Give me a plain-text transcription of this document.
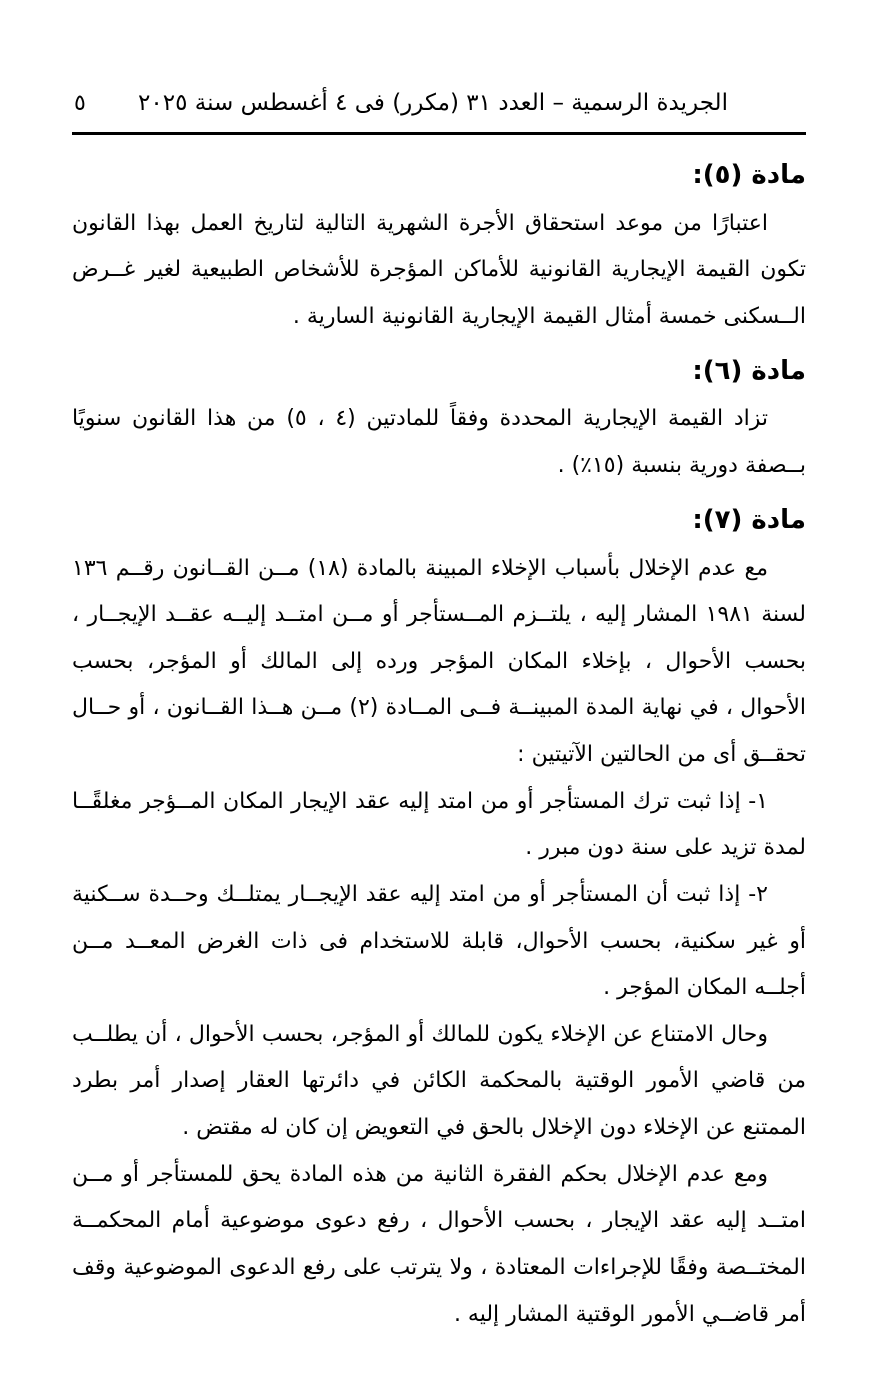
الجريدة الرسمية – العدد ٣١ (مكرر) فى ٤ أغسطس سنة ٢٠٢٥
٥
مادة (٥):

اعتبارًا من موعد استحقاق الأجرة الشهرية التالية لتاريخ العمل بهذا القانون تكون القيمة الإيجارية القانونية للأماكن المؤجرة للأشخاص الطبيعية لغير غــرض الــسكنى خمسة أمثال القيمة الإيجارية القانونية السارية .

مادة (٦):

تزاد القيمة الإيجارية المحددة وفقاً للمادتين (٤ ، ٥) من هذا القانون سنويًا بــصفة دورية بنسبة (١٥٪) .

مادة (٧):

مع عدم الإخلال بأسباب الإخلاء المبينة بالمادة (١٨) مــن القــانون رقــم ١٣٦ لسنة ١٩٨١ المشار إليه ، يلتــزم المــستأجر أو مــن امتــد إليــه عقــد الإيجــار ، بحسب الأحوال ، بإخلاء المكان المؤجر ورده إلى المالك أو المؤجر، بحسب الأحوال ، في نهاية المدة المبينــة فــى المــادة (٢) مــن هــذا القــانون ، أو حــال تحقــق أى من الحالتين الآتيتين :

١- إذا ثبت ترك المستأجر أو من امتد إليه عقد الإيجار المكان المــؤجر مغلقًــا لمدة تزيد على سنة دون مبرر .

٢- إذا ثبت أن المستأجر أو من امتد إليه عقد الإيجــار يمتلــك وحــدة ســكنية أو غير سكنية، بحسب الأحوال، قابلة للاستخدام فى ذات الغرض المعــد مــن أجلــه المكان المؤجر .

وحال الامتناع عن الإخلاء يكون للمالك أو المؤجر، بحسب الأحوال ، أن يطلــب من قاضي الأمور الوقتية بالمحكمة الكائن في دائرتها العقار إصدار أمر بطرد الممتنع عن الإخلاء دون الإخلال بالحق في التعويض إن كان له مقتض .

ومع عدم الإخلال بحكم الفقرة الثانية من هذه المادة يحق للمستأجر أو مــن امتــد إليه عقد الإيجار ، بحسب الأحوال ، رفع دعوى موضوعية أمام المحكمــة المختــصة وفقًا للإجراءات المعتادة ، ولا يترتب على رفع الدعوى الموضوعية وقف أمر قاضــي الأمور الوقتية المشار إليه .
